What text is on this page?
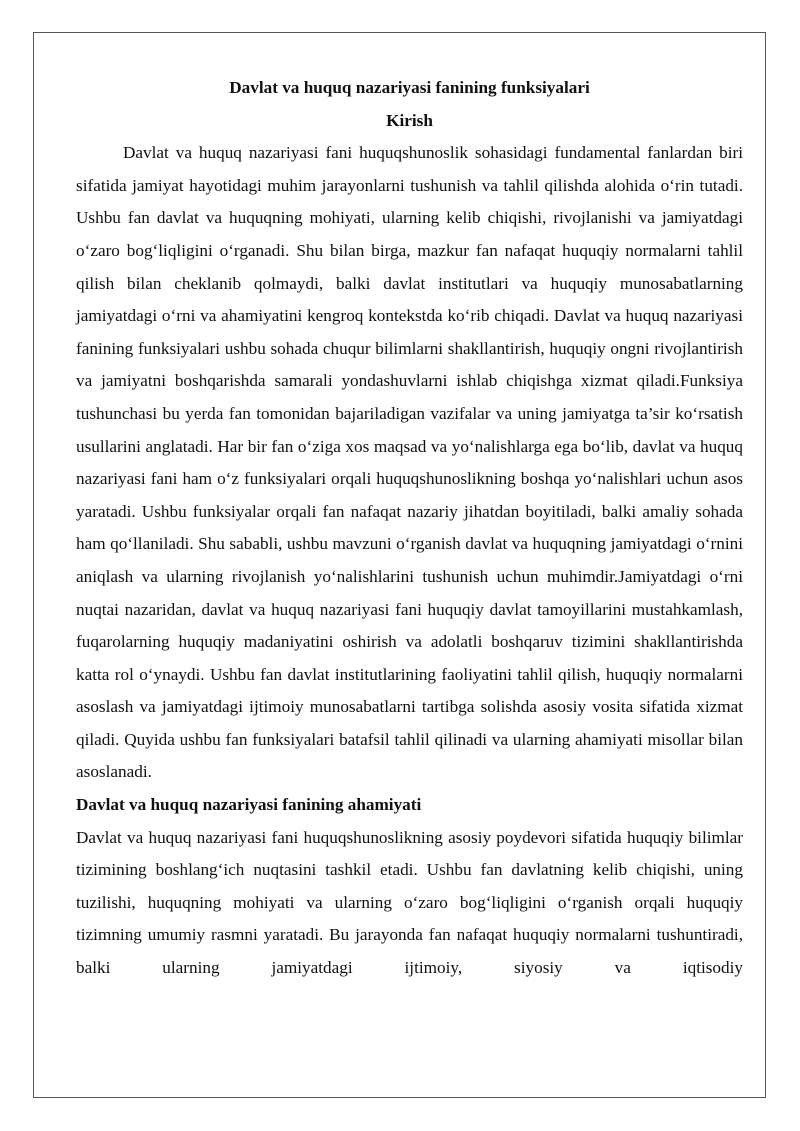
Davlat va huquq nazariyasi fanining funksiyalari

Kirish

Davlat va huquq nazariyasi fani huquqshunoslik sohasidagi fundamental fanlardan biri sifatida jamiyat hayotidagi muhim jarayonlarni tushunish va tahlil qilishda alohida o‘rin tutadi. Ushbu fan davlat va huquqning mohiyati, ularning kelib chiqishi, rivojlanishi va jamiyatdagi o‘zaro bog‘liqligini o‘rganadi. Shu bilan birga, mazkur fan nafaqat huquqiy normalarni tahlil qilish bilan cheklanib qolmaydi, balki davlat institutlari va huquqiy munosabatlarning jamiyatdagi o‘rni va ahamiyatini kengroq kontekstda ko‘rib chiqadi. Davlat va huquq nazariyasi fanining funksiyalari ushbu sohada chuqur bilimlarni shakllantirish, huquqiy ongni rivojlantirish va jamiyatni boshqarishda samarali yondashuvlarni ishlab chiqishga xizmat qiladi.Funksiya tushunchasi bu yerda fan tomonidan bajariladigan vazifalar va uning jamiyatga ta’sir ko‘rsatish usullarini anglatadi. Har bir fan o‘ziga xos maqsad va yo‘nalishlarga ega bo‘lib, davlat va huquq nazariyasi fani ham o‘z funksiyalari orqali huquqshunoslikning boshqa yo‘nalishlari uchun asos yaratadi. Ushbu funksiyalar orqali fan nafaqat nazariy jihatdan boyitiladi, balki amaliy sohada ham qo‘llaniladi. Shu sababli, ushbu mavzuni o‘rganish davlat va huquqning jamiyatdagi o‘rnini aniqlash va ularning rivojlanish yo‘nalishlarini tushunish uchun muhimdir.Jamiyatdagi o‘rni nuqtai nazaridan, davlat va huquq nazariyasi fani huquqiy davlat tamoyillarini mustahkamlash, fuqarolarning huquqiy madaniyatini oshirish va adolatli boshqaruv tizimini shakllantirishda katta rol o‘ynaydi. Ushbu fan davlat institutlarining faoliyatini tahlil qilish, huquqiy normalarni asoslash va jamiyatdagi ijtimoiy munosabatlarni tartibga solishda asosiy vosita sifatida xizmat qiladi. Quyida ushbu fan funksiyalari batafsil tahlil qilinadi va ularning ahamiyati misollar bilan asoslanadi.

Davlat va huquq nazariyasi fanining ahamiyati

Davlat va huquq nazariyasi fani huquqshunoslikning asosiy poydevori sifatida huquqiy bilimlar tizimining boshlang‘ich nuqtasini tashkil etadi. Ushbu fan davlatning kelib chiqishi, uning tuzilishi, huquqning mohiyati va ularning o‘zaro bog‘liqligini o‘rganish orqali huquqiy tizimning umumiy rasmni yaratadi. Bu jarayonda fan nafaqat huquqiy normalarni tushuntiradi, balki ularning jamiyatdagi ijtimoiy, siyosiy va iqtisodiy
